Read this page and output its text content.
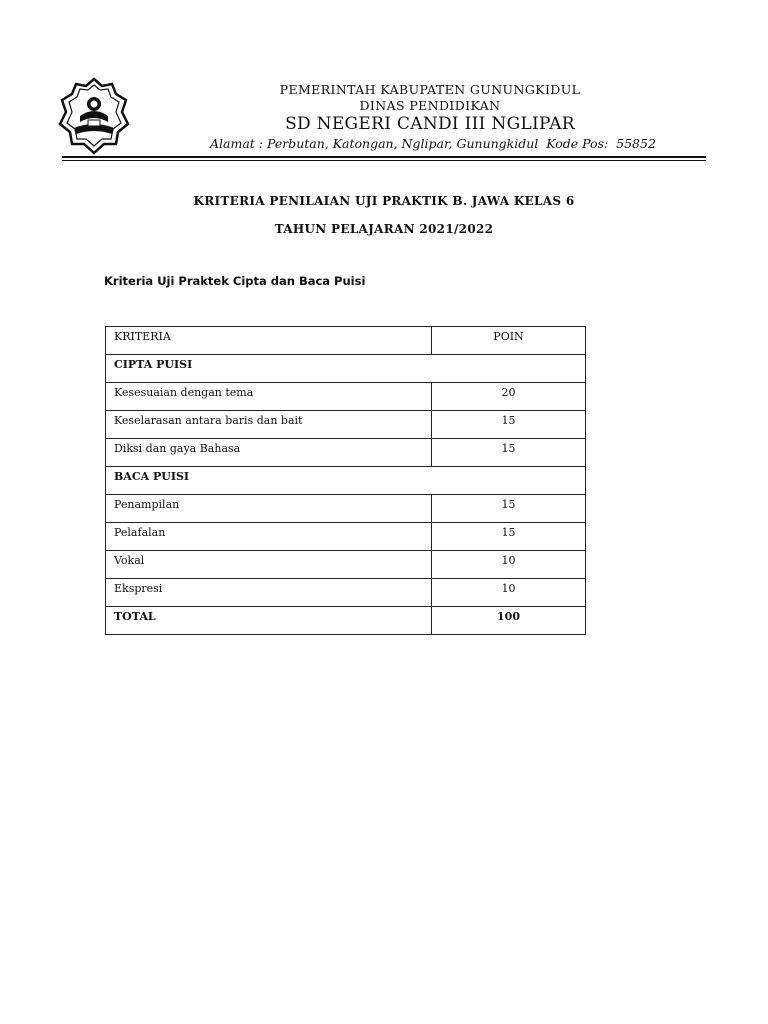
PEMERINTAH KABUPATEN GUNUNGKIDUL
DINAS PENDIDIKAN
SD NEGERI CANDI III NGLIPAR
Alamat : Perbutan, Katongan, Nglipar, Gunungkidul  Kode Pos:  55852
KRITERIA PENILAIAN UJI PRAKTIK B. JAWA KELAS 6
TAHUN PELAJARAN 2021/2022
Kriteria Uji Praktek Cipta dan Baca Puisi
KRITERIA	POIN
CIPTA PUISI	
Kesesuaian dengan tema	20
Keselarasan antara baris dan bait	15
Diksi dan gaya Bahasa	15
BACA PUISI	
Penampilan	15
Pelafalan	15
Vokal	10
Ekspresi	10
TOTAL	100
